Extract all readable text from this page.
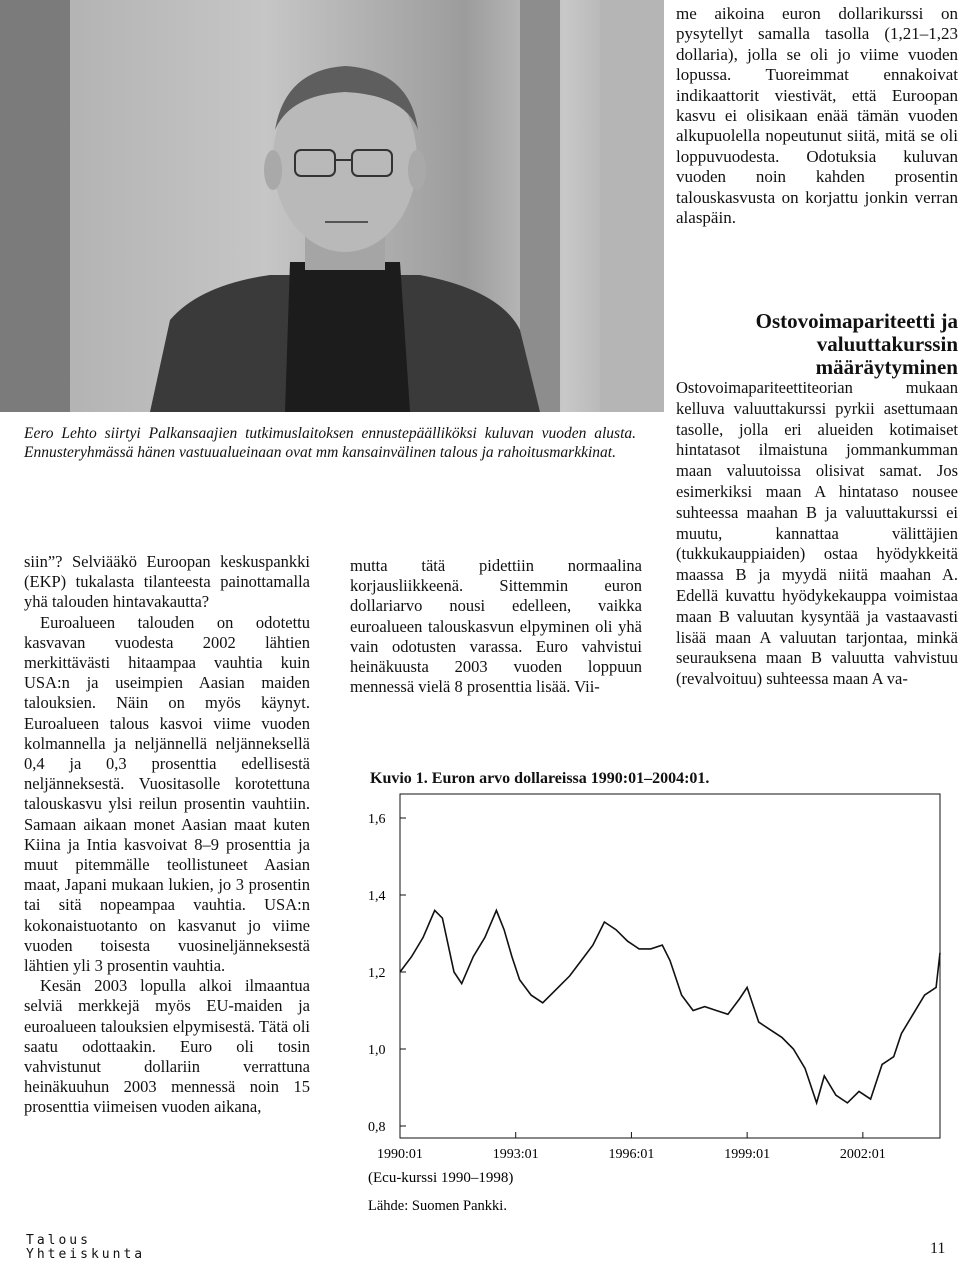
me aikoina euron dollarikurssi on pysytellyt samalla tasolla (1,21–1,23 dollaria), jolla se oli jo viime vuoden lopussa. Tuoreimmat ennakoivat indikaattorit viestivät, että Euroopan kasvu ei olisikaan enää tämän vuoden alkupuolella nopeutunut siitä, mitä se oli loppuvuodesta. Odotuksia kuluvan vuoden noin kahden prosentin talouskasvusta on korjattu jonkin verran alaspäin.

Ostovoimapariteetti ja valuuttakurssin määräytyminen

Ostovoimapariteettiteorian mukaan kelluva valuuttakurssi pyrkii asettumaan tasolle, jolla eri alueiden kotimaiset hintatasot ilmaistuna jommankumman maan valuutoissa olisivat samat. Jos esimerkiksi maan A hintataso nousee suhteessa maahan B ja valuuttakurssi ei muutu, kannattaa välittäjien (tukkukauppiaiden) ostaa hyödykkeitä maassa B ja myydä niitä maahan A. Edellä kuvattu hyödykekauppa voimistaa maan B valuutan kysyntää ja vastaavasti lisää maan A valuutan tarjontaa, minkä seurauksena maan B valuutta vahvistuu (revalvoituu) suhteessa maan A va-

Eero Lehto siirtyi Palkansaajien tutkimuslaitoksen ennustepäälliköksi kuluvan vuoden alusta. Ennusteryhmässä hänen vastuualueinaan ovat mm kansainvälinen talous ja rahoitusmarkkinat.

siin”? Selviääkö Euroopan keskuspankki (EKP) tukalasta tilanteesta painottamalla yhä talouden hintavakautta?

Euroalueen talouden on odotettu kasvavan vuodesta 2002 lähtien merkittävästi hitaampaa vauhtia kuin USA:n ja useimpien Aasian maiden talouksien. Näin on myös käynyt. Euroalueen talous kasvoi viime vuoden kolmannella ja neljännellä neljänneksellä 0,4 ja 0,3 prosenttia edellisestä neljänneksestä. Vuositasolle korotettuna talouskasvu ylsi reilun prosentin vauhtiin. Samaan aikaan monet Aasian maat kuten Kiina ja Intia kasvoivat 8–9 prosenttia ja muut pitemmälle teollistuneet Aasian maat, Japani mukaan lukien, jo 3 prosentin tai sitä nopeampaa vauhtia. USA:n kokonaistuotanto on kasvanut jo viime vuoden toisesta vuosineljänneksestä lähtien yli 3 prosentin vauhtia.

Kesän 2003 lopulla alkoi ilmaantua selviä merkkejä myös EU-maiden ja euroalueen talouksien elpymisestä. Tätä oli saatu odottaakin. Euro oli tosin vahvistunut dollariin verrattuna heinäkuuhun 2003 mennessä noin 15 prosenttia viimeisen vuoden aikana,

mutta tätä pidettiin normaalina korjausliikkeenä. Sittemmin euron dollariarvo nousi edelleen, vaikka euroalueen talouskasvun elpyminen oli yhä vain odotusten varassa. Euro vahvistui heinäkuusta 2003 vuoden loppuun mennessä vielä 8 prosenttia lisää. Vii-

Kuvio 1. Euron arvo dollareissa 1990:01–2004:01.
1,6
1,4
1,2
1,0
0,8
1990:01	1993:01	1996:01	1999:01	2002:01
(Ecu-kurssi 1990–1998)
Lähde: Suomen Pankki.
Talous
Yhteiskunta	11
